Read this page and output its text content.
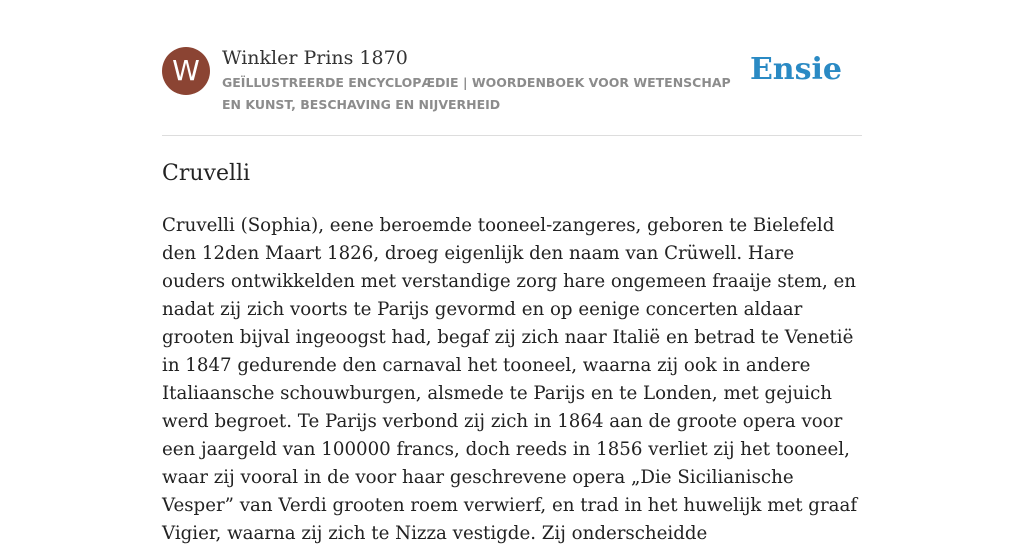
W	Winkler Prins 1870
GEÏLLUSTREERDE ENCYCLOPÆDIE | WOORDENBOEK VOOR WETENSCHAP EN KUNST, BESCHAVING EN NIJVERHEID
Ensie
Cruvelli

Cruvelli (Sophia), eene beroemde tooneel-zangeres, geboren te Bielefeld den 12den Maart 1826, droeg eigenlijk den naam van Crüwell. Hare ouders ontwikkelden met verstandige zorg hare ongemeen fraaije stem, en nadat zij zich voorts te Parijs gevormd en op eenige concerten aldaar grooten bijval ingeoogst had, begaf zij zich naar Italië en betrad te Venetië in 1847 gedurende den carnaval het tooneel, waarna zij ook in andere Italiaansche schouwburgen, alsmede te Parijs en te Londen, met gejuich werd begroet. Te Parijs verbond zij zich in 1864 aan de groote opera voor een jaargeld van 100000 francs, doch reeds in 1856 verliet zij het tooneel, waar zij vooral in de voor haar geschrevene opera „Die Sicilianische Vesper” van Verdi grooten roem verwierf, en trad in het huwelijk met graaf Vigier, waarna zij zich te Nizza vestigde. Zij onderscheidde
